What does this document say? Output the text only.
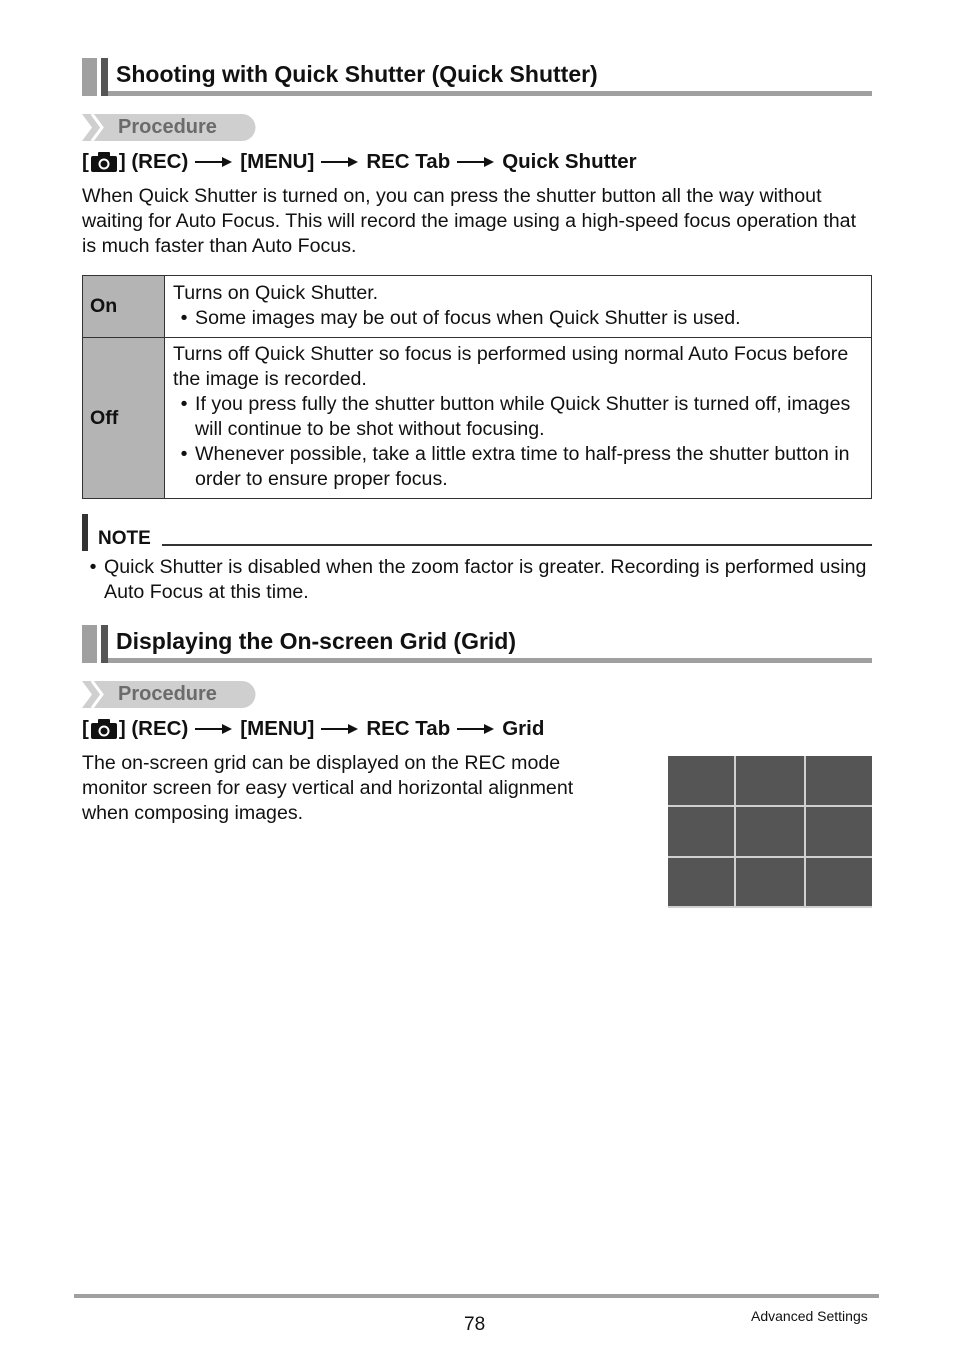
Shooting with Quick Shutter (Quick Shutter)
Procedure
[ ] (REC)	[MENU]	REC Tab	Quick Shutter
When Quick Shutter is turned on, you can press the shutter button all the way without waiting for Auto Focus. This will record the image using a high-speed focus operation that is much faster than Auto Focus.
On	Turns on Quick Shutter.
• Some images may be out of focus when Quick Shutter is used.

Off	Turns off Quick Shutter so focus is performed using normal Auto Focus before the image is recorded.
• If you press fully the shutter button while Quick Shutter is turned off, images will continue to be shot without focusing.
• Whenever possible, take a little extra time to half-press the shutter button in order to ensure proper focus.
NOTE
• Quick Shutter is disabled when the zoom factor is greater. Recording is performed using Auto Focus at this time.
Displaying the On-screen Grid (Grid)
Procedure
[ ] (REC)	[MENU]	REC Tab	Grid
The on-screen grid can be displayed on the REC mode monitor screen for easy vertical and horizontal alignment when composing images.
78	Advanced Settings
